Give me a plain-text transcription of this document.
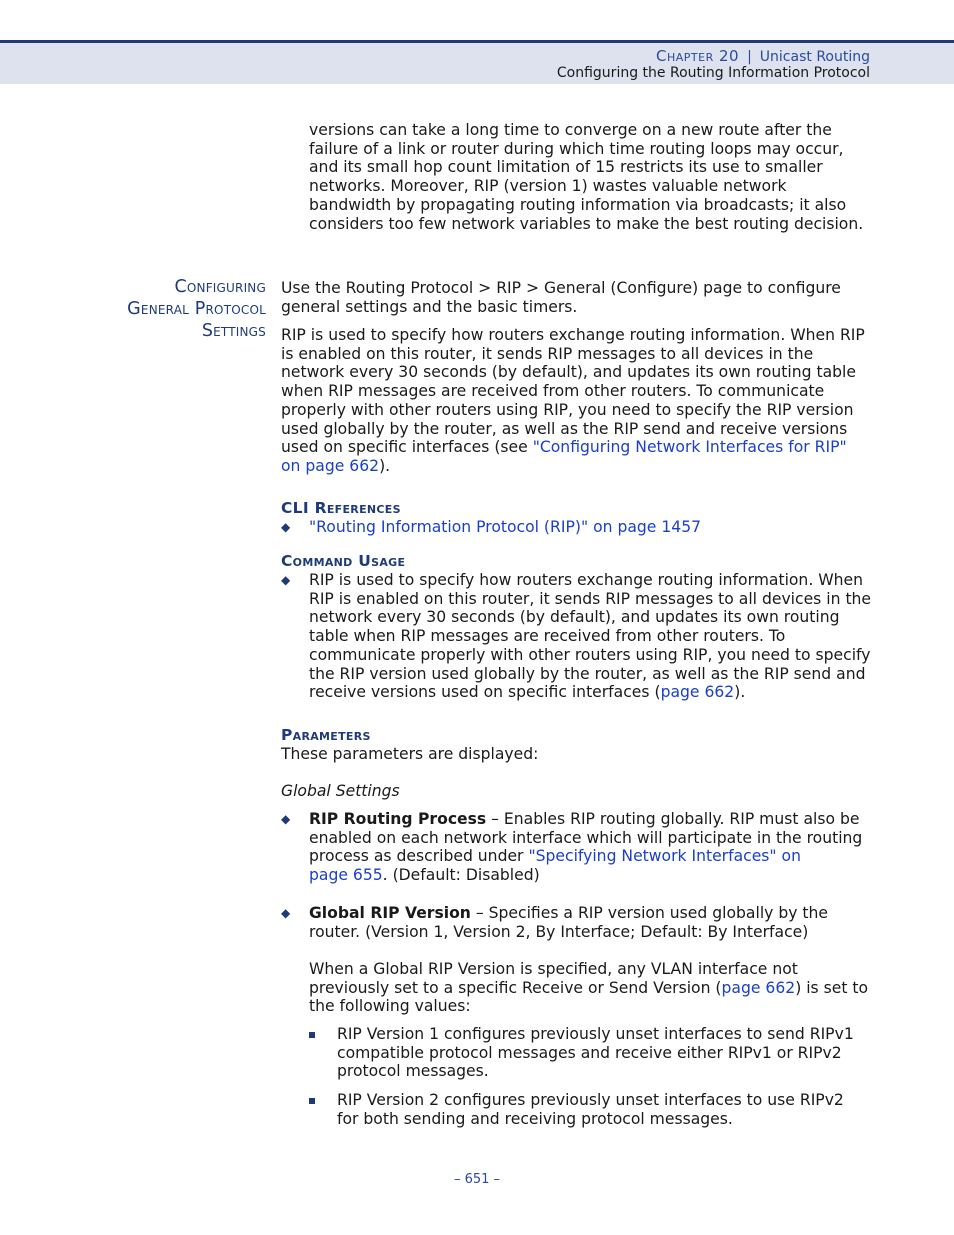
Chapter 20 | Unicast Routing
Configuring the Routing Information Protocol

versions can take a long time to converge on a new route after the

failure of a link or router during which time routing loops may occur,

and its small hop count limitation of 15 restricts its use to smaller

networks. Moreover, RIP (version 1) wastes valuable network

bandwidth by propagating routing information via broadcasts; it also

considers too few network variables to make the best routing decision.

Configuring
General Protocol
Settings

Use the Routing Protocol > RIP > General (Configure) page to configure

general settings and the basic timers.

RIP is used to specify how routers exchange routing information. When RIP

is enabled on this router, it sends RIP messages to all devices in the

network every 30 seconds (by default), and updates its own routing table

when RIP messages are received from other routers. To communicate

properly with other routers using RIP, you need to specify the RIP version

used globally by the router, as well as the RIP send and receive versions

used on specific interfaces (see "Configuring Network Interfaces for RIP"

on page 662).

CLI References
◆ "Routing Information Protocol (RIP)" on page 1457
Command Usage
◆ RIP is used to specify how routers exchange routing information. When

RIP is enabled on this router, it sends RIP messages to all devices in the

network every 30 seconds (by default), and updates its own routing

table when RIP messages are received from other routers. To

communicate properly with other routers using RIP, you need to specify

the RIP version used globally by the router, as well as the RIP send and

receive versions used on specific interfaces (page 662).

Parameters
These parameters are displayed:
Global Settings
◆ RIP Routing Process – Enables RIP routing globally. RIP must also be

enabled on each network interface which will participate in the routing

process as described under "Specifying Network Interfaces" on

page 655. (Default: Disabled)

◆ Global RIP Version – Specifies a RIP version used globally by the

router. (Version 1, Version 2, By Interface; Default: By Interface)

When a Global RIP Version is specified, any VLAN interface not

previously set to a specific Receive or Send Version (page 662) is set to

the following values:

RIP Version 1 configures previously unset interfaces to send RIPv1

compatible protocol messages and receive either RIPv1 or RIPv2

protocol messages.

RIP Version 2 configures previously unset interfaces to use RIPv2

for both sending and receiving protocol messages.

– 651 –
